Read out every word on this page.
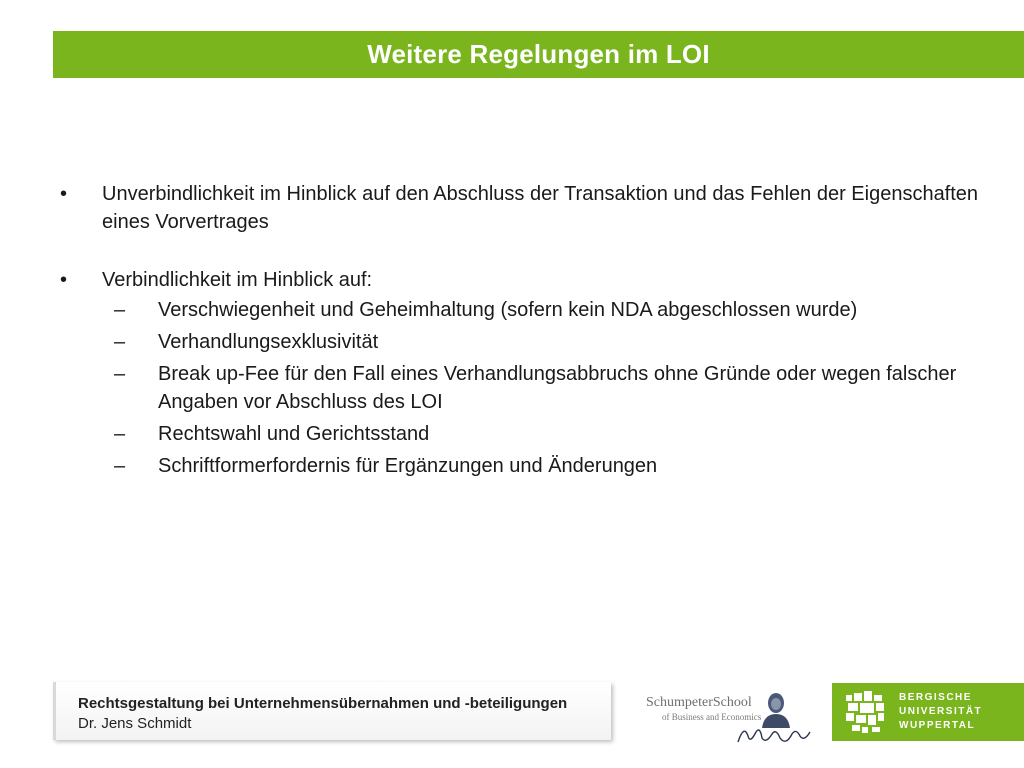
Weitere Regelungen im LOI
•	Unverbindlichkeit im Hinblick auf den Abschluss der Transaktion und das Fehlen der Eigenschaften eines Vorvertrages
•	Verbindlichkeit im Hinblick auf:
– Verschwiegenheit und Geheimhaltung (sofern kein NDA abgeschlossen wurde)
– Verhandlungsexklusivität
– Break up-Fee für den Fall eines Verhandlungsabbruchs ohne Gründe oder wegen falscher Angaben vor Abschluss des LOI
– Rechtswahl und Gerichtsstand
– Schriftformerfordernis für Ergänzungen und Änderungen
Rechtsgestaltung bei Unternehmensübernahmen und -beteiligungen
Dr. Jens Schmidt
SchumpeterSchool
of Business and Economics
BERGISCHE
UNIVERSITÄT
WUPPERTAL
